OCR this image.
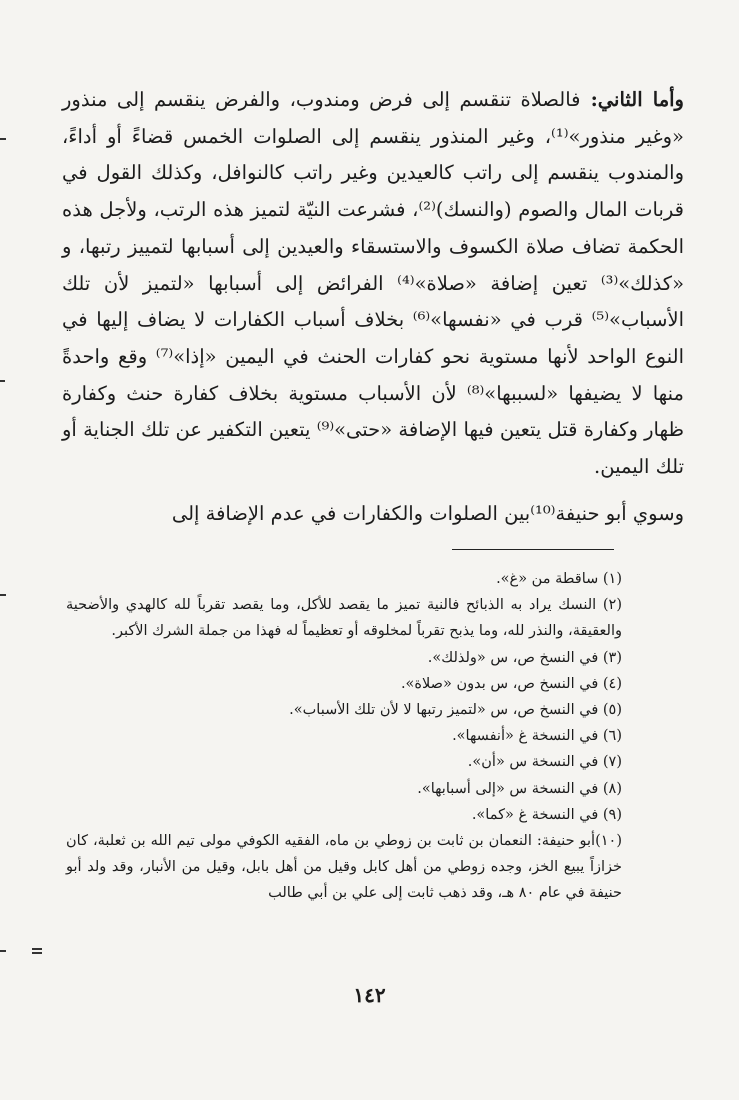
وأما الثاني: فالصلاة تنقسم إلى فرض ومندوب، والفرض ينقسم إلى منذور «وغير منذور»⁽¹⁾، وغير المنذور ينقسم إلى الصلوات الخمس قضاءً أو أداءً، والمندوب ينقسم إلى راتب كالعيدين وغير راتب كالنوافل، وكذلك القول في قربات المال والصوم (والنسك)⁽²⁾، فشرعت النيّة لتميز هذه الرتب، ولأجل هذه الحكمة تضاف صلاة الكسوف والاستسقاء والعيدين إلى أسبابها لتمييز رتبها، و «كذلك»⁽³⁾ تعين إضافة «صلاة»⁽⁴⁾ الفرائض إلى أسبابها «لتميز لأن تلك الأسباب»⁽⁵⁾ قرب في «نفسها»⁽⁶⁾ بخلاف أسباب الكفارات لا يضاف إليها في النوع الواحد لأنها مستوية نحو كفارات الحنث في اليمين «إذا»⁽⁷⁾ وقع واحدةً منها لا يضيفها «لسببها»⁽⁸⁾ لأن الأسباب مستوية بخلاف كفارة حنث وكفارة ظهار وكفارة قتل يتعين فيها الإضافة «حتى»⁽⁹⁾ يتعين التكفير عن تلك الجناية أو تلك اليمين.

وسوي أبو حنيفة⁽¹⁰⁾بين الصلوات والكفارات في عدم الإضافة إلى

(١) ساقطة من «غ».

(٢) النسك يراد به الذبائح فالنية تميز ما يقصد للأكل، وما يقصد تقرباً لله كالهدي والأضحية والعقيقة، والنذر لله، وما يذبح تقرباً لمخلوقه أو تعظيماً له فهذا من جملة الشرك الأكبر.

(٣) في النسخ ص، س «ولذلك».

(٤) في النسخ ص، س بدون «صلاة».

(٥) في النسخ ص، س «لتميز رتبها لا لأن تلك الأسباب».

(٦) في النسخة غ «أنفسها».

(٧) في النسخة س «أن».

(٨) في النسخة س «إلى أسبابها».

(٩) في النسخة غ «كما».

(١٠)أبو حنيفة: النعمان بن ثابت بن زوطي بن ماه، الفقيه الكوفي مولى تيم الله بن ثعلبة، كان خزازاً يبيع الخز، وجده زوطي من أهل كابل وقيل من أهل بابل، وقيل من الأنبار، وقد ولد أبو حنيفة في عام ٨٠ هـ، وقد ذهب ثابت إلى علي بن أبي طالب

١٤٢
